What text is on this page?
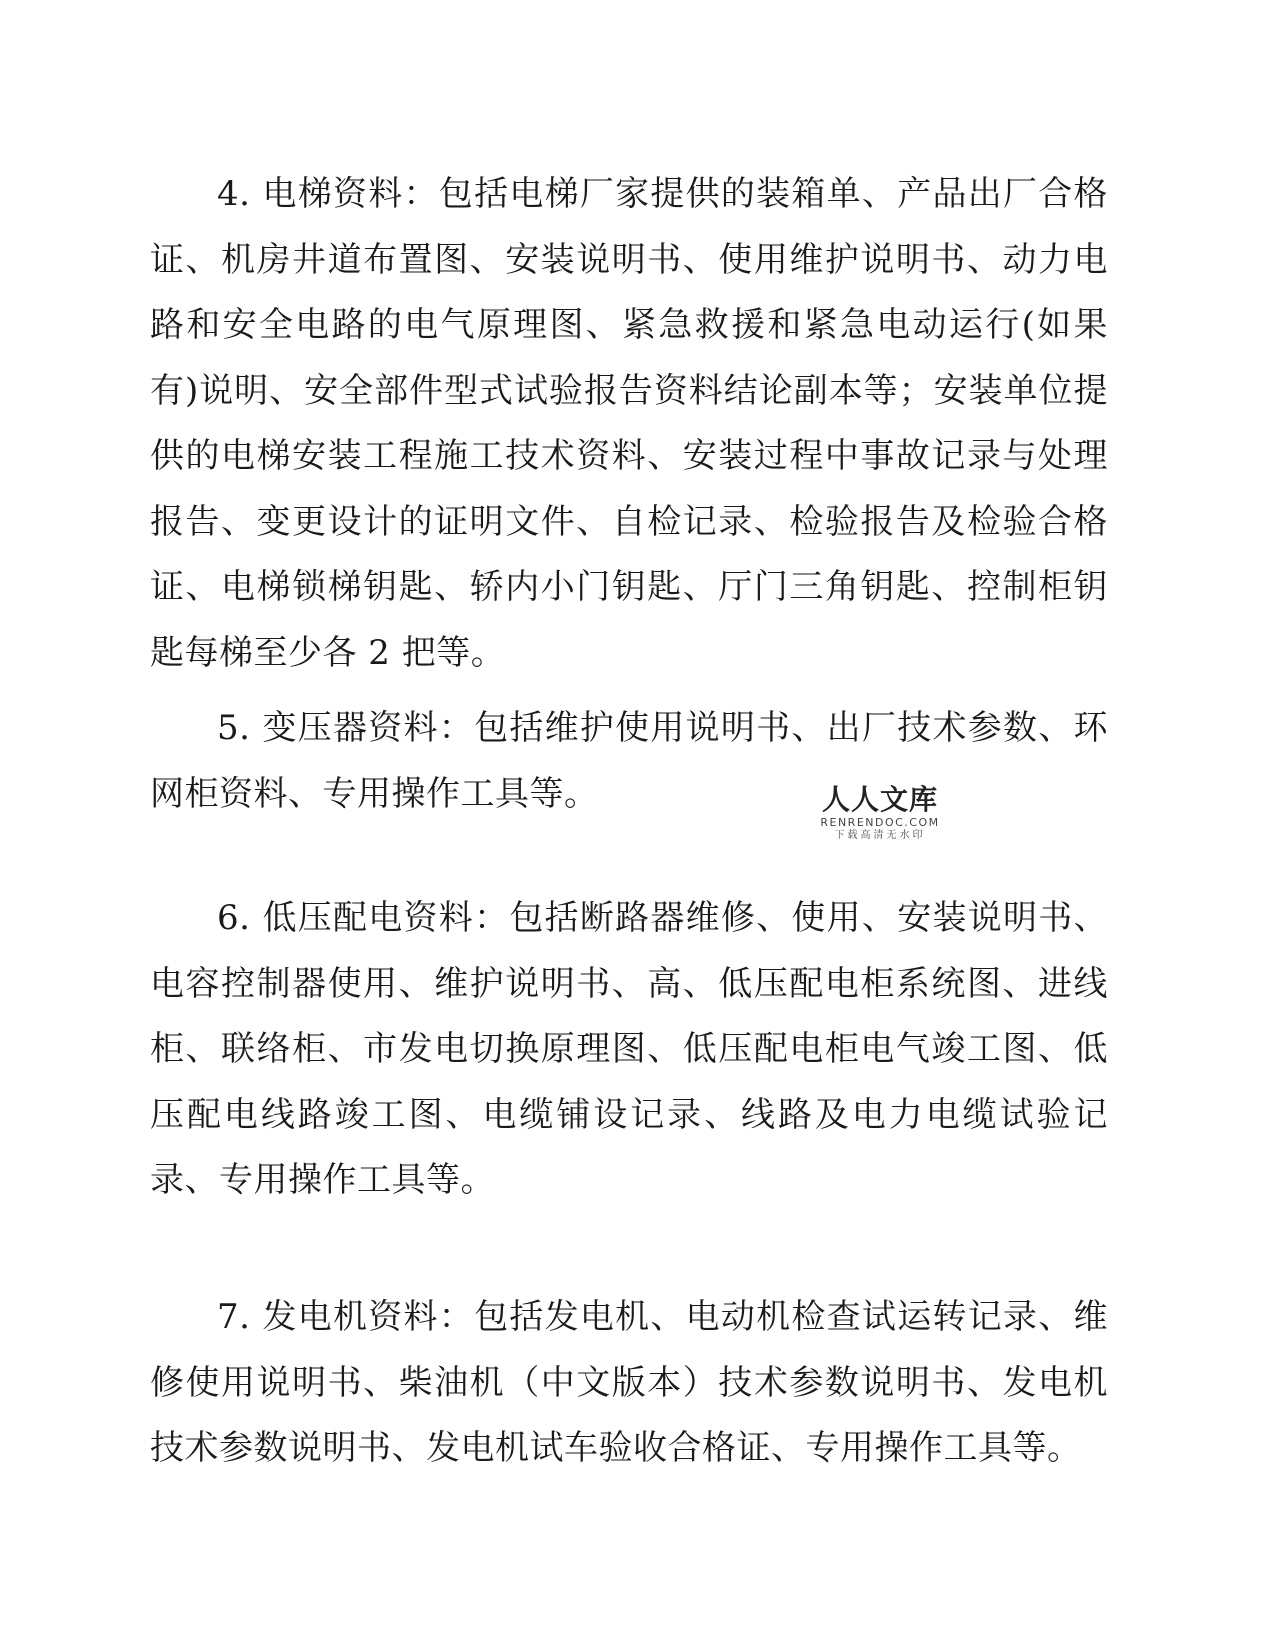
4. 电梯资料：包括电梯厂家提供的装箱单、产品出厂合格证、机房井道布置图、安装说明书、使用维护说明书、动力电路和安全电路的电气原理图、紧急救援和紧急电动运行(如果有)说明、安全部件型式试验报告资料结论副本等；安装单位提供的电梯安装工程施工技术资料、安装过程中事故记录与处理报告、变更设计的证明文件、自检记录、检验报告及检验合格证、电梯锁梯钥匙、轿内小门钥匙、厅门三角钥匙、控制柜钥匙每梯至少各 2 把等。

5. 变压器资料：包括维护使用说明书、出厂技术参数、环网柜资料、专用操作工具等。

6. 低压配电资料：包括断路器维修、使用、安装说明书、电容控制器使用、维护说明书、高、低压配电柜系统图、进线柜、联络柜、市发电切换原理图、低压配电柜电气竣工图、低压配电线路竣工图、电缆铺设记录、线路及电力电缆试验记录、专用操作工具等。

7. 发电机资料：包括发电机、电动机检查试运转记录、维修使用说明书、柴油机（中文版本）技术参数说明书、发电机技术参数说明书、发电机试车验收合格证、专用操作工具等。

人人文库
RENRENDOC.COM
下载高清无水印
